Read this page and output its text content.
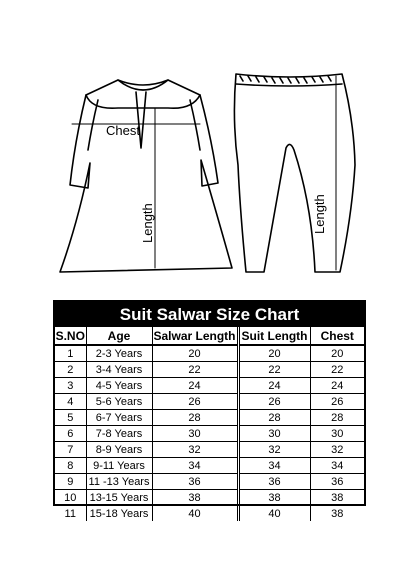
Chest
Length	Length
Suit Salwar Size Chart
S.NO	Age	Salwar Length	Suit Length	Chest
1	2-3 Years	20	20	20
2	3-4 Years	22	22	22
3	4-5 Years	24	24	24
4	5-6 Years	26	26	26
5	6-7 Years	28	28	28
6	7-8 Years	30	30	30
7	8-9 Years	32	32	32
8	9-11 Years	34	34	34
9	11 -13 Years	36	36	36
10	13-15 Years	38	38	38
11	15-18 Years	40	40	38
